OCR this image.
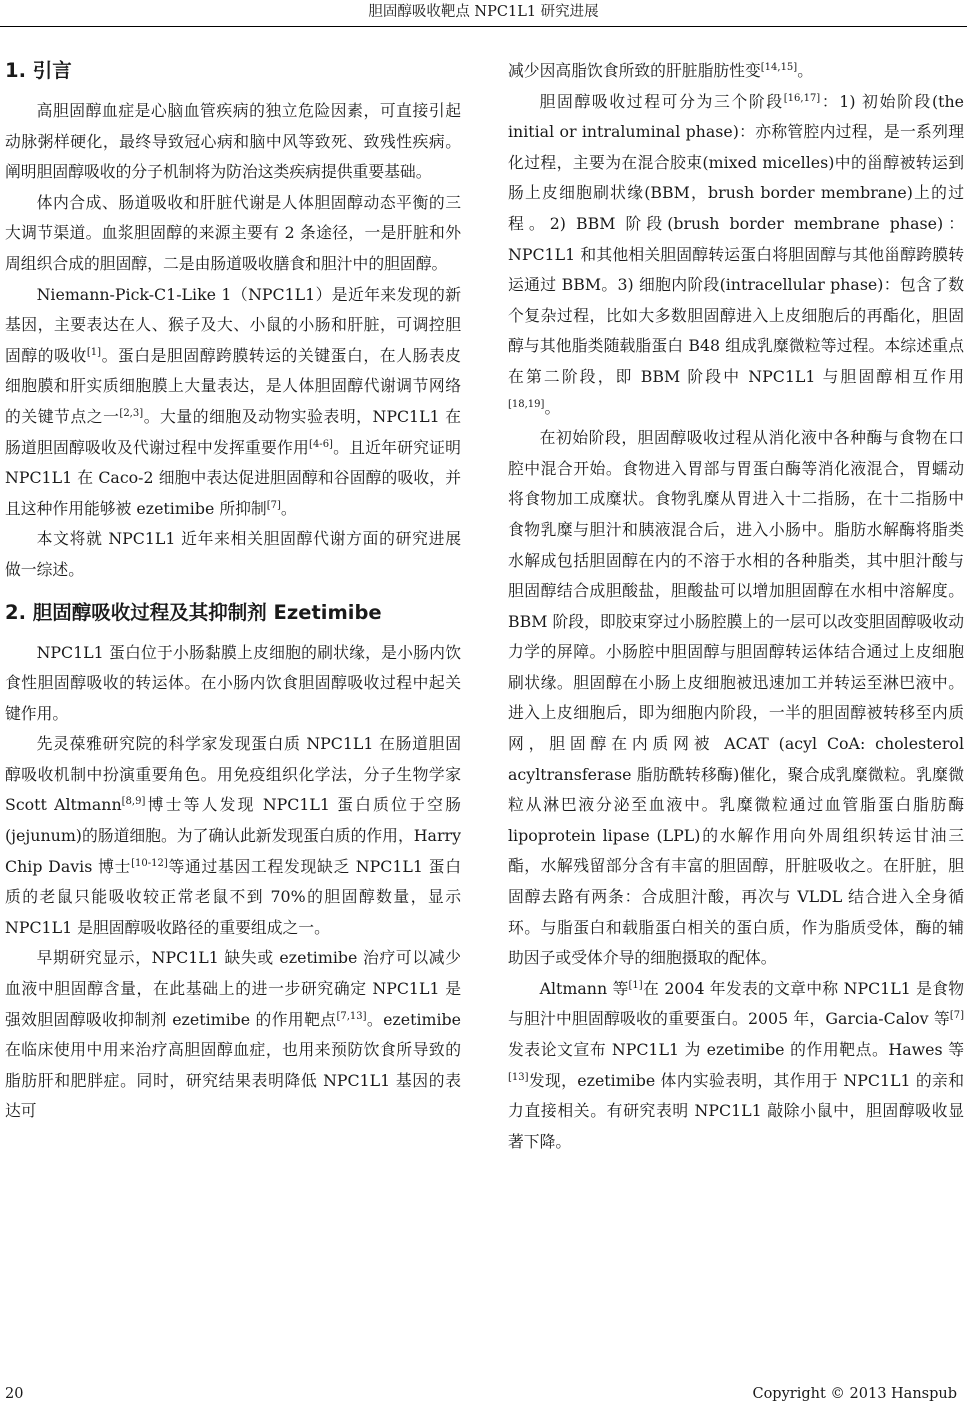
胆固醇吸收靶点 NPC1L1 研究进展
1. 引言

高胆固醇血症是心脑血管疾病的独立危险因素，可直接引起动脉粥样硬化，最终导致冠心病和脑中风等致死、致残性疾病。阐明胆固醇吸收的分子机制将为防治这类疾病提供重要基础。

体内合成、肠道吸收和肝脏代谢是人体胆固醇动态平衡的三大调节渠道。血浆胆固醇的来源主要有 2 条途径，一是肝脏和外周组织合成的胆固醇，二是由肠道吸收膳食和胆汁中的胆固醇。

Niemann-Pick-C1-Like 1（NPC1L1）是近年来发现的新基因，主要表达在人、猴子及大、小鼠的小肠和肝脏，可调控胆固醇的吸收[1]。蛋白是胆固醇跨膜转运的关键蛋白，在人肠表皮细胞膜和肝实质细胞膜上大量表达，是人体胆固醇代谢调节网络的关键节点之一[2,3]。大量的细胞及动物实验表明，NPC1L1 在肠道胆固醇吸收及代谢过程中发挥重要作用[4-6]。且近年研究证明 NPC1L1 在 Caco-2 细胞中表达促进胆固醇和谷固醇的吸收，并且这种作用能够被 ezetimibe 所抑制[7]。

本文将就 NPC1L1 近年来相关胆固醇代谢方面的研究进展做一综述。

2. 胆固醇吸收过程及其抑制剂 Ezetimibe

NPC1L1 蛋白位于小肠黏膜上皮细胞的刷状缘，是小肠内饮食性胆固醇吸收的转运体。在小肠内饮食胆固醇吸收过程中起关键作用。

先灵葆雅研究院的科学家发现蛋白质 NPC1L1 在肠道胆固醇吸收机制中扮演重要角色。用免疫组织化学法，分子生物学家 Scott Altmann[8,9]博士等人发现 NPC1L1 蛋白质位于空肠(jejunum)的肠道细胞。为了确认此新发现蛋白质的作用，Harry Chip Davis 博士[10-12]等通过基因工程发现缺乏 NPC1L1 蛋白质的老鼠只能吸收较正常老鼠不到 70%的胆固醇数量，显示 NPC1L1 是胆固醇吸收路径的重要组成之一。

早期研究显示，NPC1L1 缺失或 ezetimibe 治疗可以减少血液中胆固醇含量，在此基础上的进一步研究确定 NPC1L1 是强效胆固醇吸收抑制剂 ezetimibe 的作用靶点[7,13]。ezetimibe 在临床使用中用来治疗高胆固醇血症，也用来预防饮食所导致的脂肪肝和肥胖症。同时，研究结果表明降低 NPC1L1 基因的表达可

减少因高脂饮食所致的肝脏脂肪性变[14,15]。

胆固醇吸收过程可分为三个阶段[16,17]：1) 初始阶段(the initial or intraluminal phase)：亦称管腔内过程，是一系列理化过程，主要为在混合胶束(mixed micelles)中的甾醇被转运到肠上皮细胞刷状缘(BBM，brush border membrane)上的过程。2) BBM 阶段(brush border membrane phase)：NPC1L1 和其他相关胆固醇转运蛋白将胆固醇与其他甾醇跨膜转运通过 BBM。3) 细胞内阶段(intracellular phase)：包含了数个复杂过程，比如大多数胆固醇进入上皮细胞后的再酯化，胆固醇与其他脂类随载脂蛋白 B48 组成乳糜微粒等过程。本综述重点在第二阶段，即 BBM 阶段中 NPC1L1 与胆固醇相互作用[18,19]。

在初始阶段，胆固醇吸收过程从消化液中各种酶与食物在口腔中混合开始。食物进入胃部与胃蛋白酶等消化液混合，胃蠕动将食物加工成糜状。食物乳糜从胃进入十二指肠，在十二指肠中食物乳糜与胆汁和胰液混合后，进入小肠中。脂肪水解酶将脂类水解成包括胆固醇在内的不溶于水相的各种脂类，其中胆汁酸与胆固醇结合成胆酸盐，胆酸盐可以增加胆固醇在水相中溶解度。BBM 阶段，即胶束穿过小肠腔膜上的一层可以改变胆固醇吸收动力学的屏障。小肠腔中胆固醇与胆固醇转运体结合通过上皮细胞刷状缘。胆固醇在小肠上皮细胞被迅速加工并转运至淋巴液中。进入上皮细胞后，即为细胞内阶段，一半的胆固醇被转移至内质网，胆固醇在内质网被 ACAT (acyl CoA: cholesterol acyltransferase 脂肪酰转移酶)催化，聚合成乳糜微粒。乳糜微粒从淋巴液分泌至血液中。乳糜微粒通过血管脂蛋白脂肪酶 lipoprotein lipase (LPL)的水解作用向外周组织转运甘油三酯，水解残留部分含有丰富的胆固醇，肝脏吸收之。在肝脏，胆固醇去路有两条：合成胆汁酸，再次与 VLDL 结合进入全身循环。与脂蛋白和载脂蛋白相关的蛋白质，作为脂质受体，酶的辅助因子或受体介导的细胞摄取的配体。

Altmann 等[1]在 2004 年发表的文章中称 NPC1L1 是食物与胆汁中胆固醇吸收的重要蛋白。2005 年，Garcia-Calov 等[7]发表论文宣布 NPC1L1 为 ezetimibe 的作用靶点。Hawes 等[13]发现，ezetimibe 体内实验表明，其作用于 NPC1L1 的亲和力直接相关。有研究表明 NPC1L1 敲除小鼠中，胆固醇吸收显著下降。

20	Copyright © 2013 Hanspub
